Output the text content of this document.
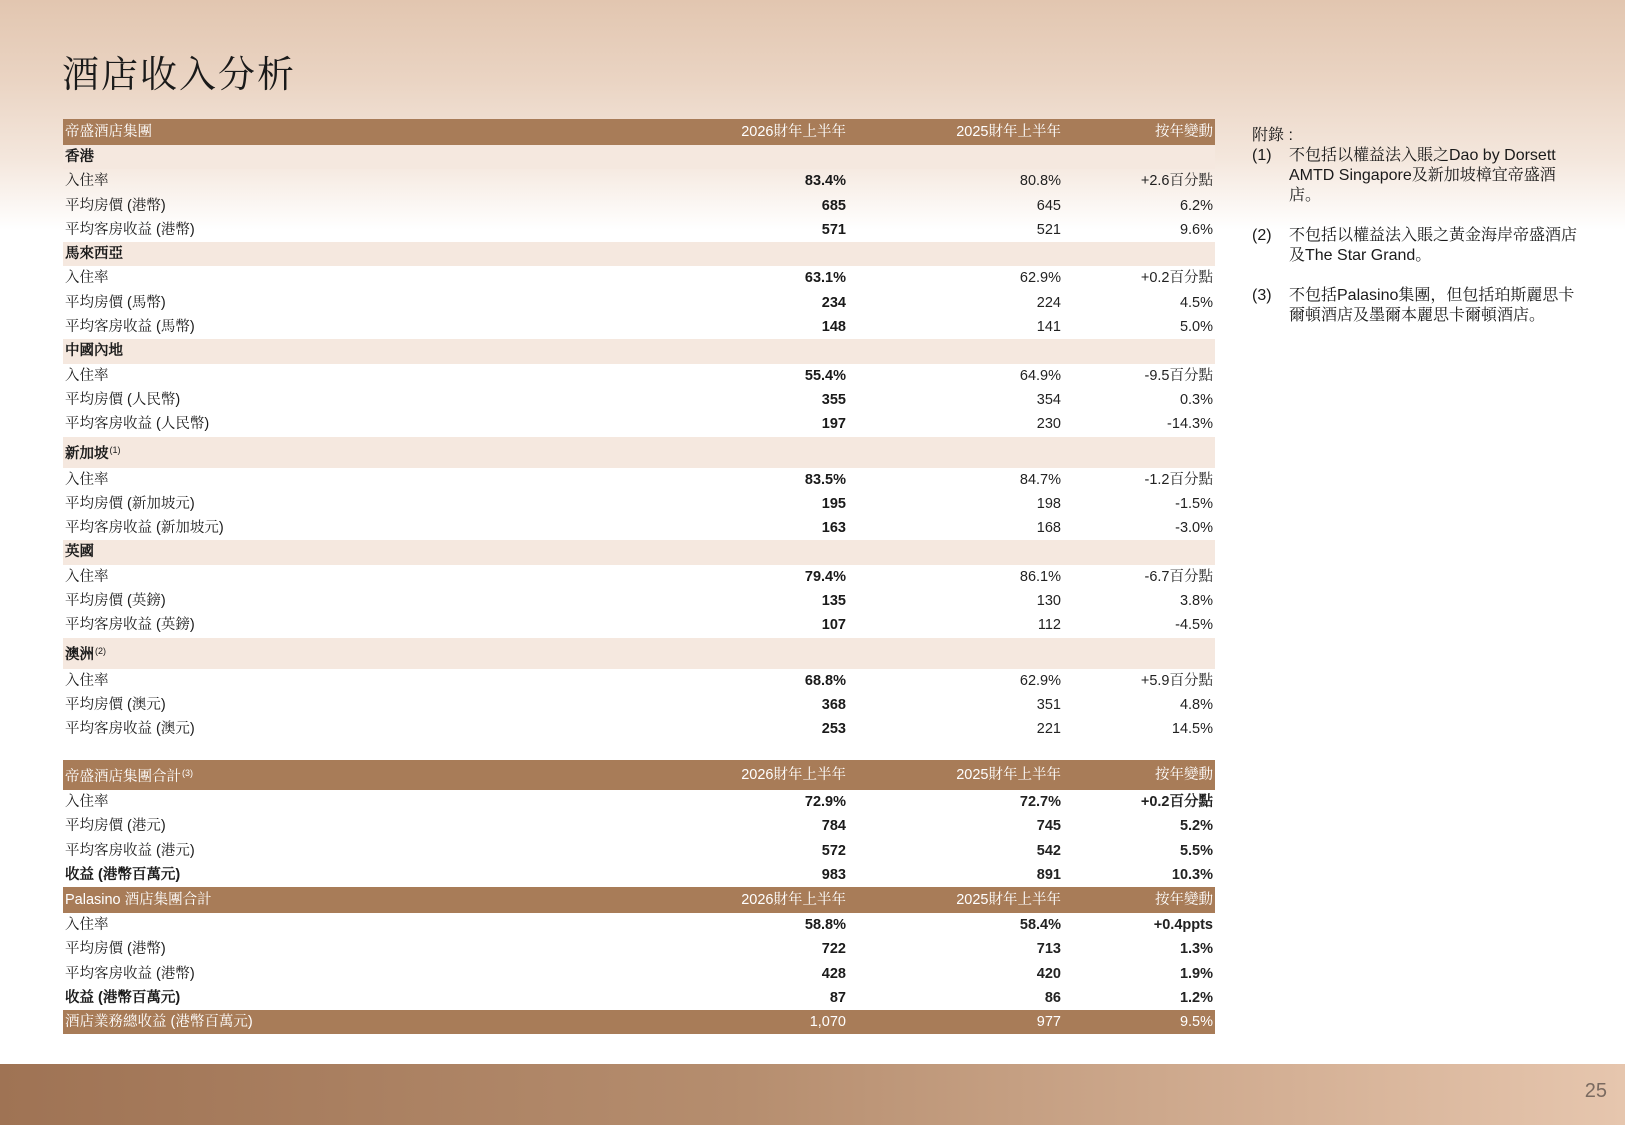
酒店收入分析
帝盛酒店集團	2026財年上半年	2025財年上半年	按年變動
香港			
入住率	83.4%	80.8%	+2.6百分點
平均房價 (港幣)	685	645	6.2%
平均客房收益 (港幣)	571	521	9.6%
馬來西亞			
入住率	63.1%	62.9%	+0.2百分點
平均房價 (馬幣)	234	224	4.5%
平均客房收益 (馬幣)	148	141	5.0%
中國內地			
入住率	55.4%	64.9%	-9.5百分點
平均房價 (人民幣)	355	354	0.3%
平均客房收益 (人民幣)	197	230	-14.3%
新加坡$^{(1)}$
入住率	83.5%	84.7%	-1.2百分點
平均房價 (新加坡元)	195	198	-1.5%
平均客房收益 (新加坡元)	163	168	-3.0%
英國			
入住率	79.4%	86.1%	-6.7百分點
平均房價 (英鎊)	135	130	3.8%
平均客房收益 (英鎊)	107	112	-4.5%
澳洲$^{(2)}$
入住率	68.8%	62.9%	+5.9百分點
平均房價 (澳元)	368	351	4.8%
平均客房收益 (澳元)	253	221	14.5%
帝盛酒店集團合計$^{(3)}$	2026財年上半年	2025財年上半年	按年變動
入住率	72.9%	72.7%	+0.2百分點
平均房價 (港元)	784	745	5.2%
平均客房收益 (港元)	572	542	5.5%
收益 (港幣百萬元)	983	891	10.3%
Palasino 酒店集團合計	2026財年上半年	2025財年上半年	按年變動
入住率	58.8%	58.4%	+0.4ppts
平均房價 (港幣)	722	713	1.3%
平均客房收益 (港幣)	428	420	1.9%
收益 (港幣百萬元)	87	86	1.2%
酒店業務總收益 (港幣百萬元)	1,070	977	9.5%
附錄 :
(1)	不包括以權益法入賬之Dao by Dorsett AMTD Singapore及新加坡樟宜帝盛酒店。
(2)	不包括以權益法入賬之黃金海岸帝盛酒店及The Star Grand。
(3)	不包括Palasino集團，但包括珀斯麗思卡爾頓酒店及墨爾本麗思卡爾頓酒店。
25
